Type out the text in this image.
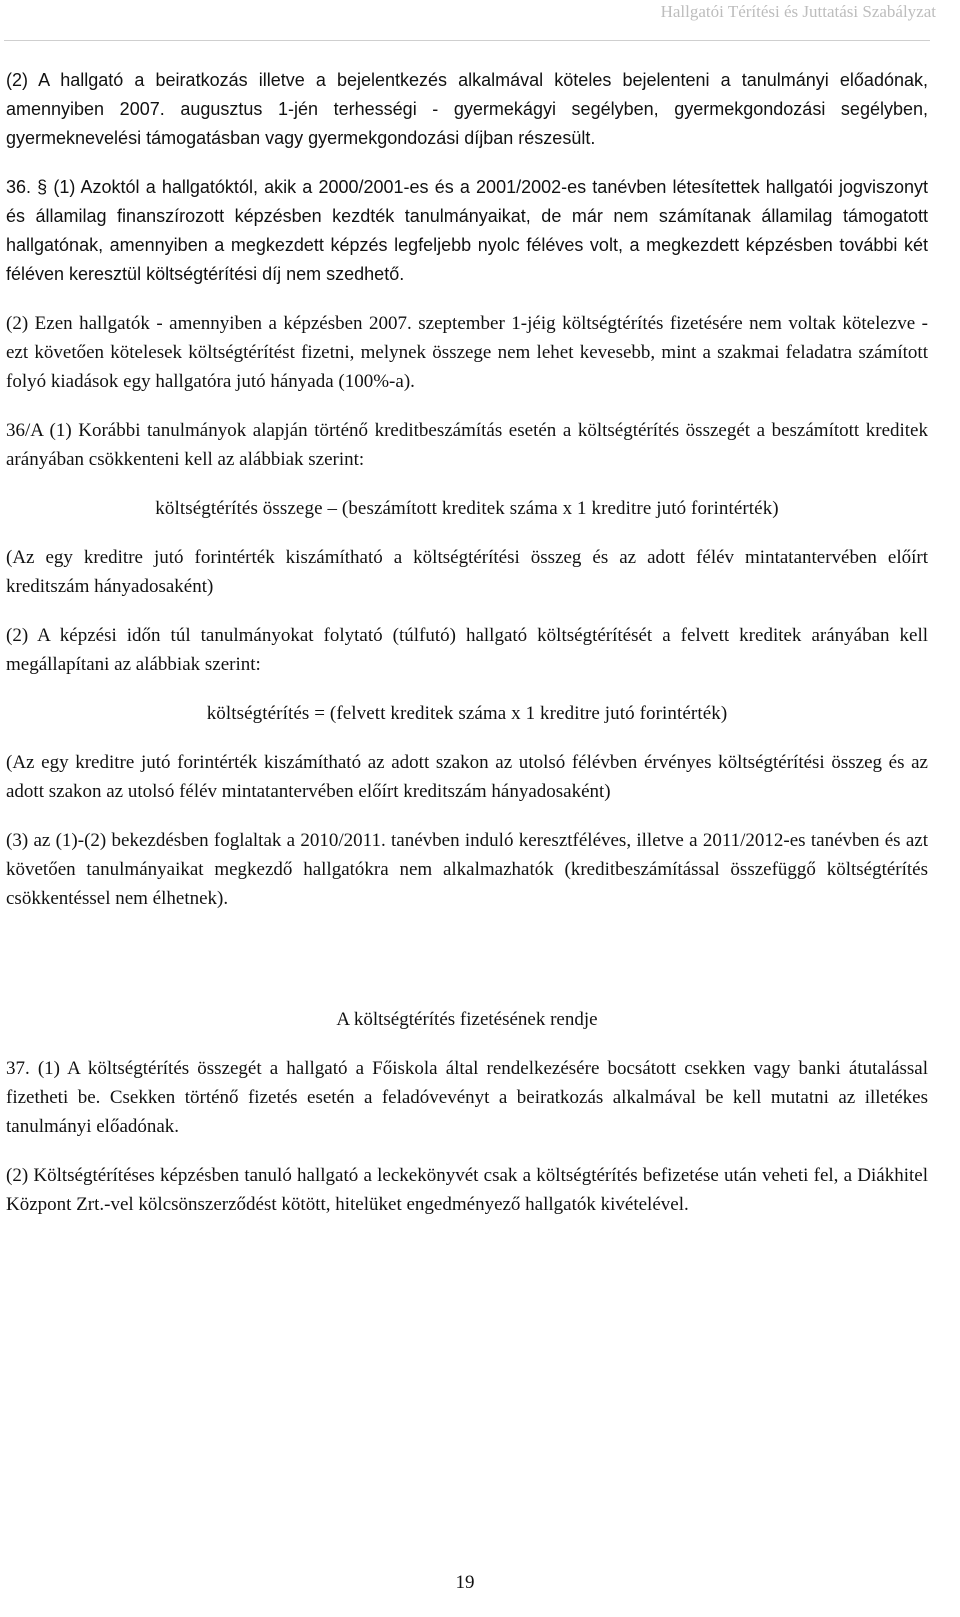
Hallgatói Térítési és Juttatási Szabályzat

(2) A hallgató a beiratkozás illetve a bejelentkezés alkalmával köteles bejelenteni a tanulmányi előadónak, amennyiben 2007. augusztus 1-jén terhességi - gyermekágyi segélyben, gyermekgondozási segélyben, gyermeknevelési támogatásban vagy gyermekgondozási díjban részesült.

36. § (1) Azoktól a hallgatóktól, akik a 2000/2001-es és a 2001/2002-es tanévben létesítettek hallgatói jogviszonyt és államilag finanszírozott képzésben kezdték tanulmányaikat, de már nem számítanak államilag támogatott hallgatónak, amennyiben a megkezdett képzés legfeljebb nyolc féléves volt, a megkezdett képzésben további két féléven keresztül költségtérítési díj nem szedhető.

(2) Ezen hallgatók - amennyiben a képzésben 2007. szeptember 1-jéig költségtérítés fizetésére nem voltak kötelezve - ezt követően kötelesek költségtérítést fizetni, melynek összege nem lehet kevesebb, mint a szakmai feladatra számított folyó kiadások egy hallgatóra jutó hányada (100%-a).

36/A (1) Korábbi tanulmányok alapján történő kreditbeszámítás esetén a költségtérítés összegét a beszámított kreditek arányában csökkenteni kell az alábbiak szerint:

költségtérítés összege – (beszámított kreditek száma x 1 kreditre jutó forintérték)

(Az egy kreditre jutó forintérték kiszámítható a költségtérítési összeg és az adott félév mintatantervében előírt kreditszám hányadosaként)

(2) A képzési időn túl tanulmányokat folytató (túlfutó) hallgató költségtérítését a felvett kreditek arányában kell megállapítani az alábbiak szerint:

költségtérítés = (felvett kreditek száma x 1 kreditre jutó forintérték)

(Az egy kreditre jutó forintérték kiszámítható az adott szakon az utolsó félévben érvényes költségtérítési összeg és az adott szakon az utolsó félév mintatantervében előírt kreditszám hányadosaként)

(3) az (1)-(2) bekezdésben foglaltak a 2010/2011. tanévben induló keresztféléves, illetve a 2011/2012-es tanévben és azt követően tanulmányaikat megkezdő hallgatókra nem alkalmazhatók (kreditbeszámítással összefüggő költségtérítés csökkentéssel nem élhetnek).

A költségtérítés fizetésének rendje

37. (1) A költségtérítés összegét a hallgató a Főiskola által rendelkezésére bocsátott csekken vagy banki átutalással fizetheti be. Csekken történő fizetés esetén a feladóvevényt a beiratkozás alkalmával be kell mutatni az illetékes tanulmányi előadónak.

(2) Költségtérítéses képzésben tanuló hallgató a leckekönyvét csak a költségtérítés befizetése után veheti fel, a Diákhitel Központ Zrt.-vel kölcsönszerződést kötött, hitelüket engedményező hallgatók kivételével.

19
